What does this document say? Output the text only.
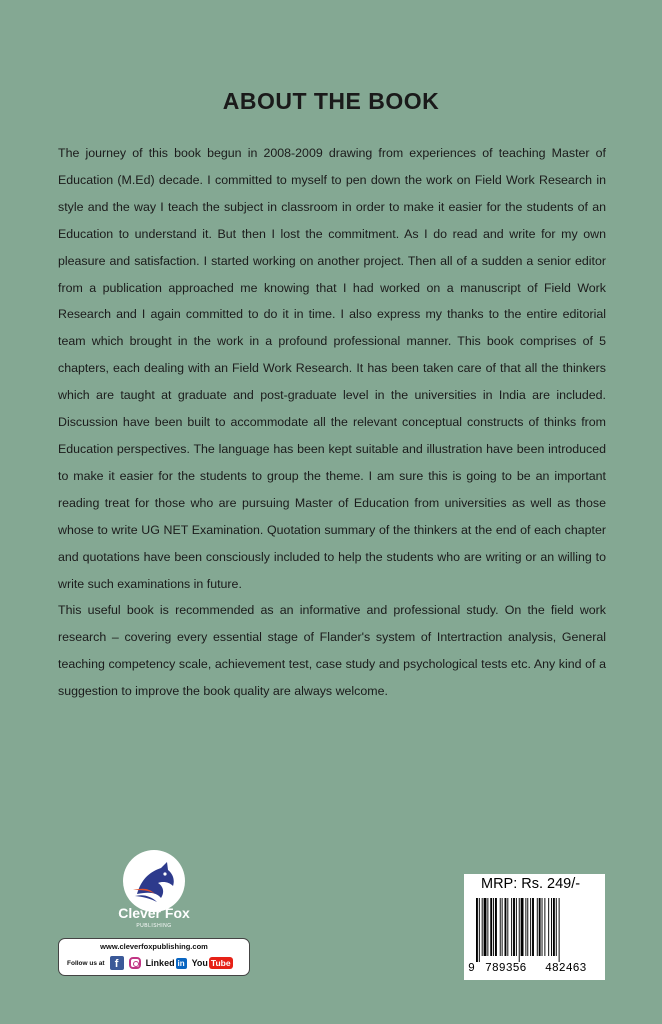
ABOUT THE BOOK

The journey of this book begun in 2008-2009 drawing from experiences of teaching Master of Education (M.Ed) decade. I committed to myself to pen down the work on Field Work Research in style and the way I teach the subject in classroom in order to make it easier for the students of an Education to understand it. But then I lost the commitment. As I do read and write for my own pleasure and satisfaction. I started working on another project. Then all of a sudden a senior editor from a publication approached me knowing that I had worked on a manuscript of Field Work Research and I again committed to do it in time. I also express my thanks to the entire editorial team which brought in the work in a profound professional manner. This book comprises of 5 chapters, each dealing with an Field Work Research. It has been taken care of that all the thinkers which are taught at graduate and post-graduate level in the universities in India are included. Discussion have been built to accommodate all the relevant conceptual constructs of thinks from Education perspectives. The language has been kept suitable and illustration have been introduced to make it easier for the students to group the theme. I am sure this is going to be an important reading treat for those who are pursuing Master of Education from universities as well as those whose to write UG NET Examination. Quotation summary of the thinkers at the end of each chapter and quotations have been consciously included to help the students who are writing or an willing to write such examinations in future.

This useful book is recommended as an informative and professional study. On the field work research – covering every essential stage of Flander's system of Intertraction analysis, General teaching competency scale, achievement test, case study and psychological tests etc. Any kind of a suggestion to improve the book quality are always welcome.

Clever Fox
PUBLISHING
www.cleverfoxpublishing.com
Follow us at f	Linked in You Tube
MRP: Rs. 249/-
9 789356 482463
